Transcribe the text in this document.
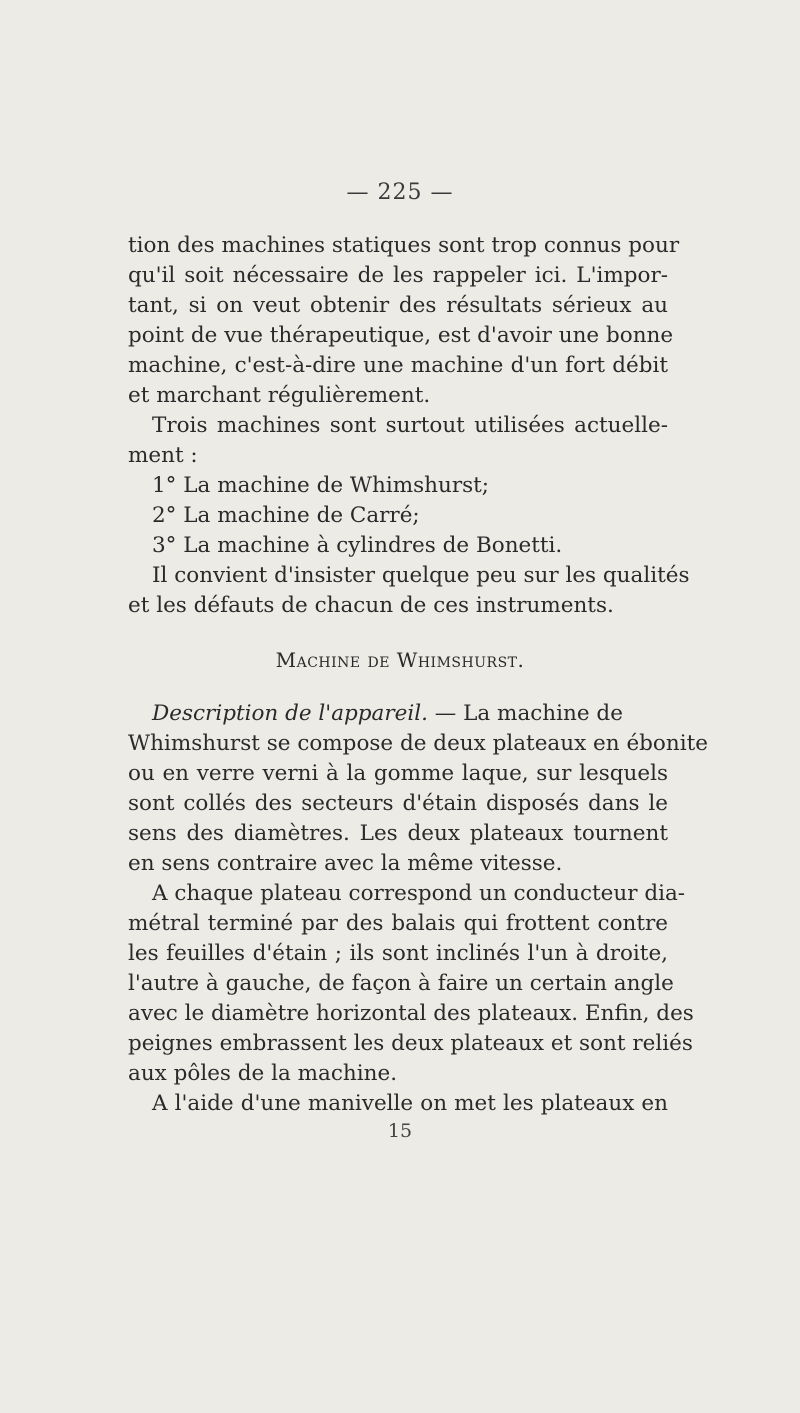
— 225 —
tion des machines statiques sont trop connus pour
qu'il soit nécessaire de les rappeler ici. L'impor-
tant, si on veut obtenir des résultats sérieux au
point de vue thérapeutique, est d'avoir une bonne
machine, c'est-à-dire une machine d'un fort débit
et marchant régulièrement.
Trois machines sont surtout utilisées actuelle-
ment :
1° La machine de Whimshurst;
2° La machine de Carré;
3° La machine à cylindres de Bonetti.
Il convient d'insister quelque peu sur les qualités
et les défauts de chacun de ces instruments.
Machine de Whimshurst.
Description de l'appareil. — La machine de
Whimshurst se compose de deux plateaux en ébonite
ou en verre verni à la gomme laque, sur lesquels
sont collés des secteurs d'étain disposés dans le
sens des diamètres. Les deux plateaux tournent
en sens contraire avec la même vitesse.
A chaque plateau correspond un conducteur dia-
métral terminé par des balais qui frottent contre
les feuilles d'étain ; ils sont inclinés l'un à droite,
l'autre à gauche, de façon à faire un certain angle
avec le diamètre horizontal des plateaux. Enfin, des
peignes embrassent les deux plateaux et sont reliés
aux pôles de la machine.
A l'aide d'une manivelle on met les plateaux en
15
